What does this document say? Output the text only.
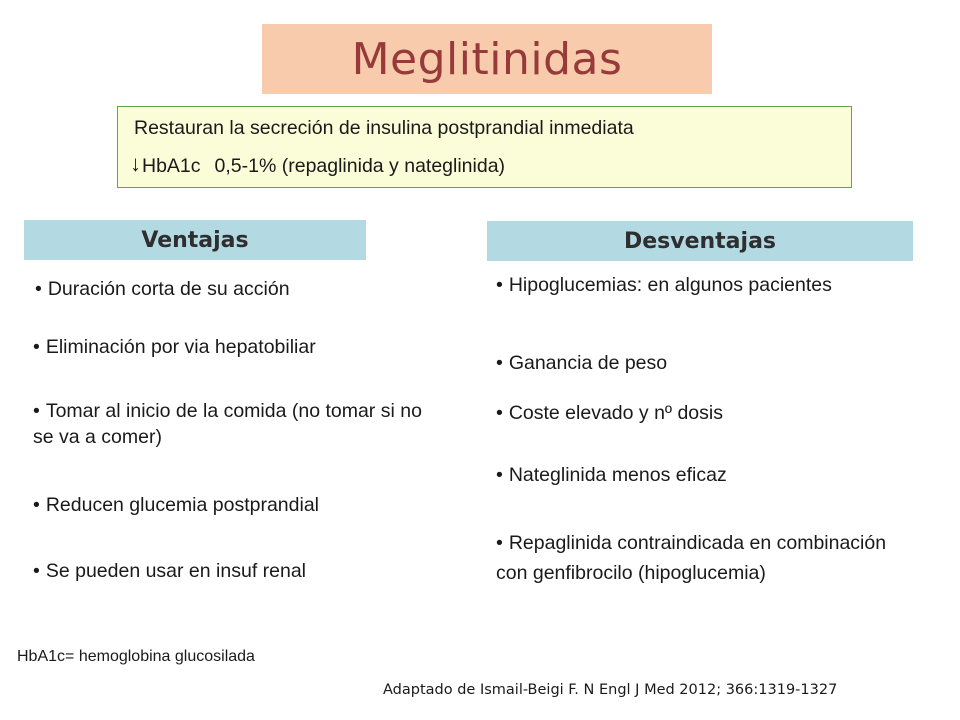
Meglitinidas
Restauran la secreción de insulina postprandial inmediata
↓ HbA1c 0,5-1% (repaglinida y nateglinida)
Ventajas
• Duración corta de su acción
• Eliminación por via hepatobiliar
• Tomar al inicio de la comida (no tomar si no se va a comer)
• Reducen glucemia postprandial
• Se pueden usar en insuf renal
Desventajas
• Hipoglucemias: en algunos pacientes
• Ganancia de peso
• Coste elevado y nº dosis
• Nateglinida menos eficaz
• Repaglinida contraindicada en combinación con genfibrocilo (hipoglucemia)
HbA1c= hemoglobina glucosilada
Adaptado de Ismail-Beigi F. N Engl J Med 2012; 366:1319-1327
